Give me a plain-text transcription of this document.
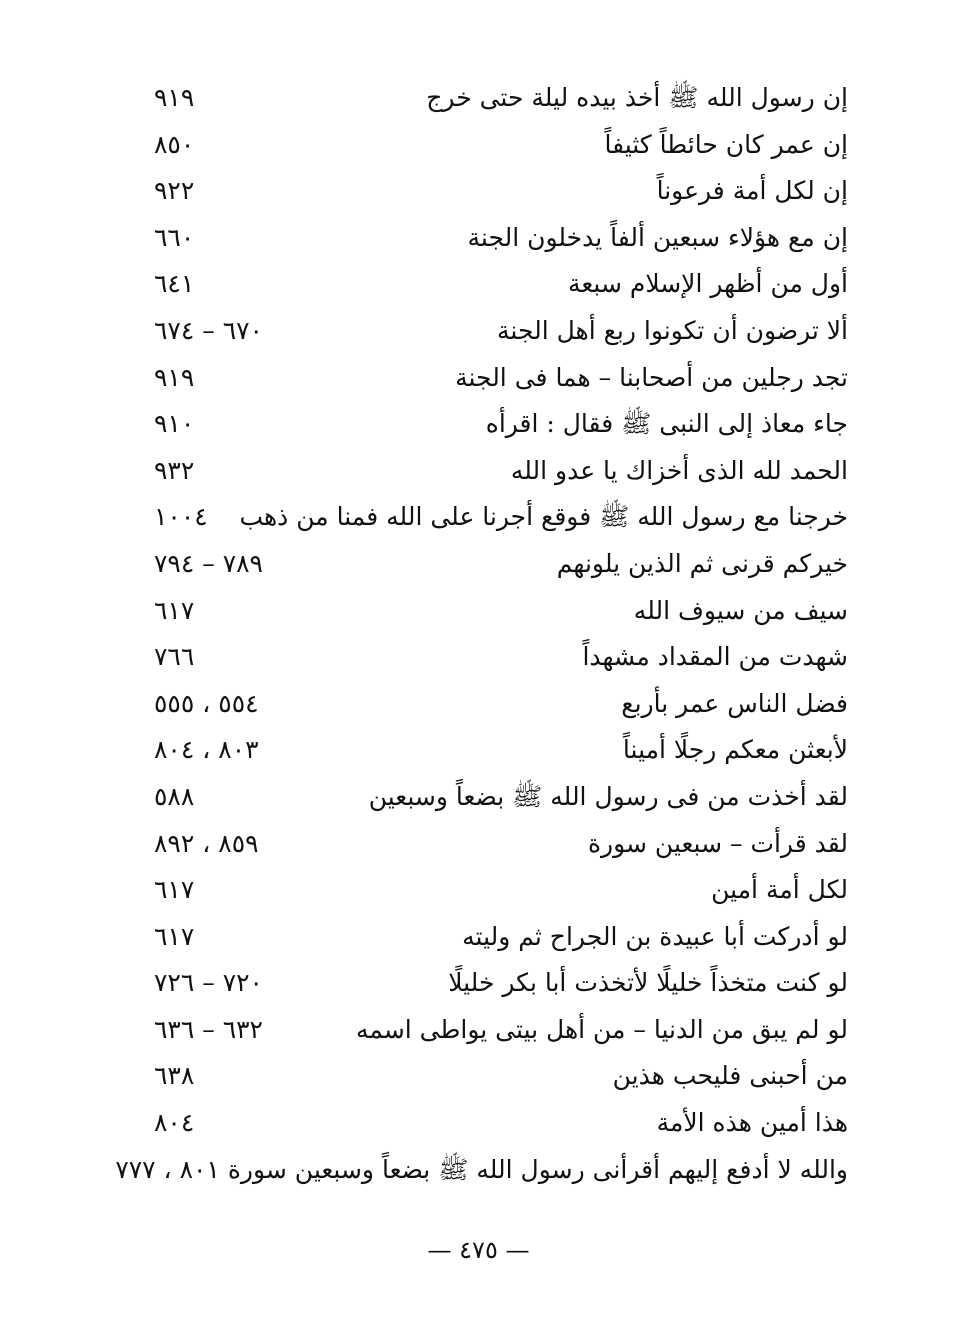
إن رسول الله ﷺ أخذ بيده ليلة حتى خرج
٩١٩
إن عمر كان حائطاً كثيفاً
٨٥٠
إن لكل أمة فرعوناً
٩٢٢
إن مع هؤلاء سبعين ألفاً يدخلون الجنة
٦٦٠
أول من أظهر الإسلام سبعة
٦٤١
ألا ترضون أن تكونوا ربع أهل الجنة
٦٧٠ – ٦٧٤
تجد رجلين من أصحابنا – هما فى الجنة
٩١٩
جاء معاذ إلى النبى ﷺ فقال : اقرأه
٩١٠
الحمد لله الذى أخزاك يا عدو الله
٩٣٢
خرجنا مع رسول الله ﷺ فوقع أجرنا على الله فمنا من ذهب
١٠٠٤
خيركم قرنى ثم الذين يلونهم
٧٨٩ – ٧٩٤
سيف من سيوف الله
٦١٧
شهدت من المقداد مشهداً
٧٦٦
فضل الناس عمر بأربع
٥٥٤ ، ٥٥٥
لأبعثن معكم رجلًا أميناً
٨٠٣ ، ٨٠٤
لقد أخذت من فى رسول الله ﷺ بضعاً وسبعين
٥٨٨
لقد قرأت – سبعين سورة
٨٥٩ ، ٨٩٢
لكل أمة أمين
٦١٧
لو أدركت أبا عبيدة بن الجراح ثم وليته
٦١٧
لو كنت متخذاً خليلًا لأتخذت أبا بكر خليلًا
٧٢٠ – ٧٢٦
لو لم يبق من الدنيا – من أهل بيتى يواطى اسمه
٦٣٢ – ٦٣٦
من أحبنى فليحب هذين
٦٣٨
هذا أمين هذه الأمة
٨٠٤
والله لا أدفع إليهم أقرأنى رسول الله ﷺ بضعاً وسبعين سورة ٨٠١ ، ٧٧٧
— ٤٧٥ —
